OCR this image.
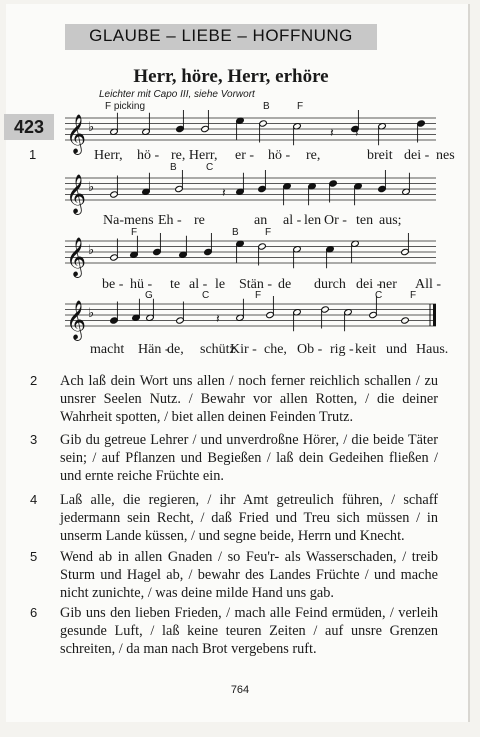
GLAUBE – LIEBE – HOFFNUNG
Herr, höre, Herr, erhöre
Leichter mit Capo III, siehe Vorwort
F picking
423
1
𝄞 ♭
𝄞 ♭
𝄞 ♭
𝄞 ♭
𝄽 𝄽
𝄽
𝄽
B	F
Herr, hö - re, Herr, er - hö - re,	breit dei - nes
B	C
Na-mens Eh - re	an al - len Or - ten aus;
F	B	F
be - hü - te al - le Stän - de durch dei -
ner All -
G	C	F	C	F
macht Hän -
de, schütz
Kir - che, Ob - rig - keit und Haus.
2 Ach laß dein Wort uns allen / noch ferner reichlich schallen / zu unsrer Seelen Nutz. / Bewahr vor allen Rotten, / die deiner Wahrheit spotten, / biet allen deinen Feinden Trutz.
3 Gib du getreue Lehrer / und unverdroßne Hörer, / die beide Täter sein; / auf Pflanzen und Begießen / laß dein Gedeihen fließen / und ernte reiche Früchte ein.
4 Laß alle, die regieren, / ihr Amt getreulich führen, / schaff jedermann sein Recht, / daß Fried und Treu sich müssen / in unserm Lande küssen, / und segne beide, Herrn und Knecht.
5 Wend ab in allen Gnaden / so Feu'r- als Wasserschaden, / treib Sturm und Hagel ab, / bewahr des Landes Früchte / und mache nicht zunichte, / was deine milde Hand uns gab.
6 Gib uns den lieben Frieden, / mach alle Feind ermüden, / verleih gesunde Luft, / laß keine teuren Zeiten / auf unsre Grenzen schreiten, / da man nach Brot vergebens ruft.
764
